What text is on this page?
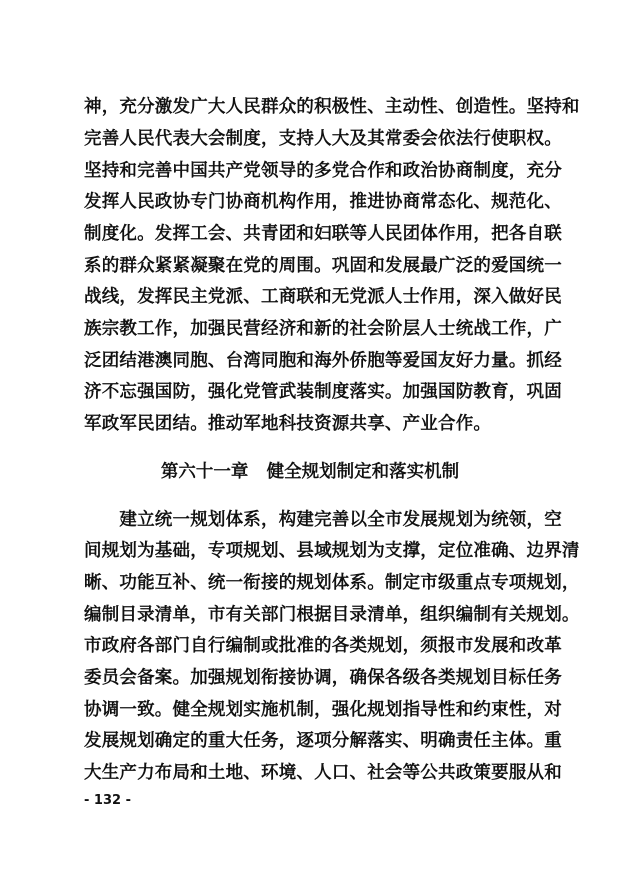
神，充分激发广大人民群众的积极性、主动性、创造性。坚持和
完善人民代表大会制度，支持人大及其常委会依法行使职权。
坚持和完善中国共产党领导的多党合作和政治协商制度，充分
发挥人民政协专门协商机构作用，推进协商常态化、规范化、
制度化。发挥工会、共青团和妇联等人民团体作用，把各自联
系的群众紧紧凝聚在党的周围。巩固和发展最广泛的爱国统一
战线，发挥民主党派、工商联和无党派人士作用，深入做好民
族宗教工作，加强民营经济和新的社会阶层人士统战工作，广
泛团结港澳同胞、台湾同胞和海外侨胞等爱国友好力量。抓经
济不忘强国防，强化党管武装制度落实。加强国防教育，巩固
军政军民团结。推动军地科技资源共享、产业合作。
第六十一章   健全规划制定和落实机制
　　建立统一规划体系，构建完善以全市发展规划为统领，空
间规划为基础，专项规划、县域规划为支撑，定位准确、边界清
晰、功能互补、统一衔接的规划体系。制定市级重点专项规划，
编制目录清单，市有关部门根据目录清单，组织编制有关规划。
市政府各部门自行编制或批准的各类规划，须报市发展和改革
委员会备案。加强规划衔接协调，确保各级各类规划目标任务
协调一致。健全规划实施机制，强化规划指导性和约束性，对
发展规划确定的重大任务，逐项分解落实、明确责任主体。重
大生产力布局和土地、环境、人口、社会等公共政策要服从和
- 132 -
